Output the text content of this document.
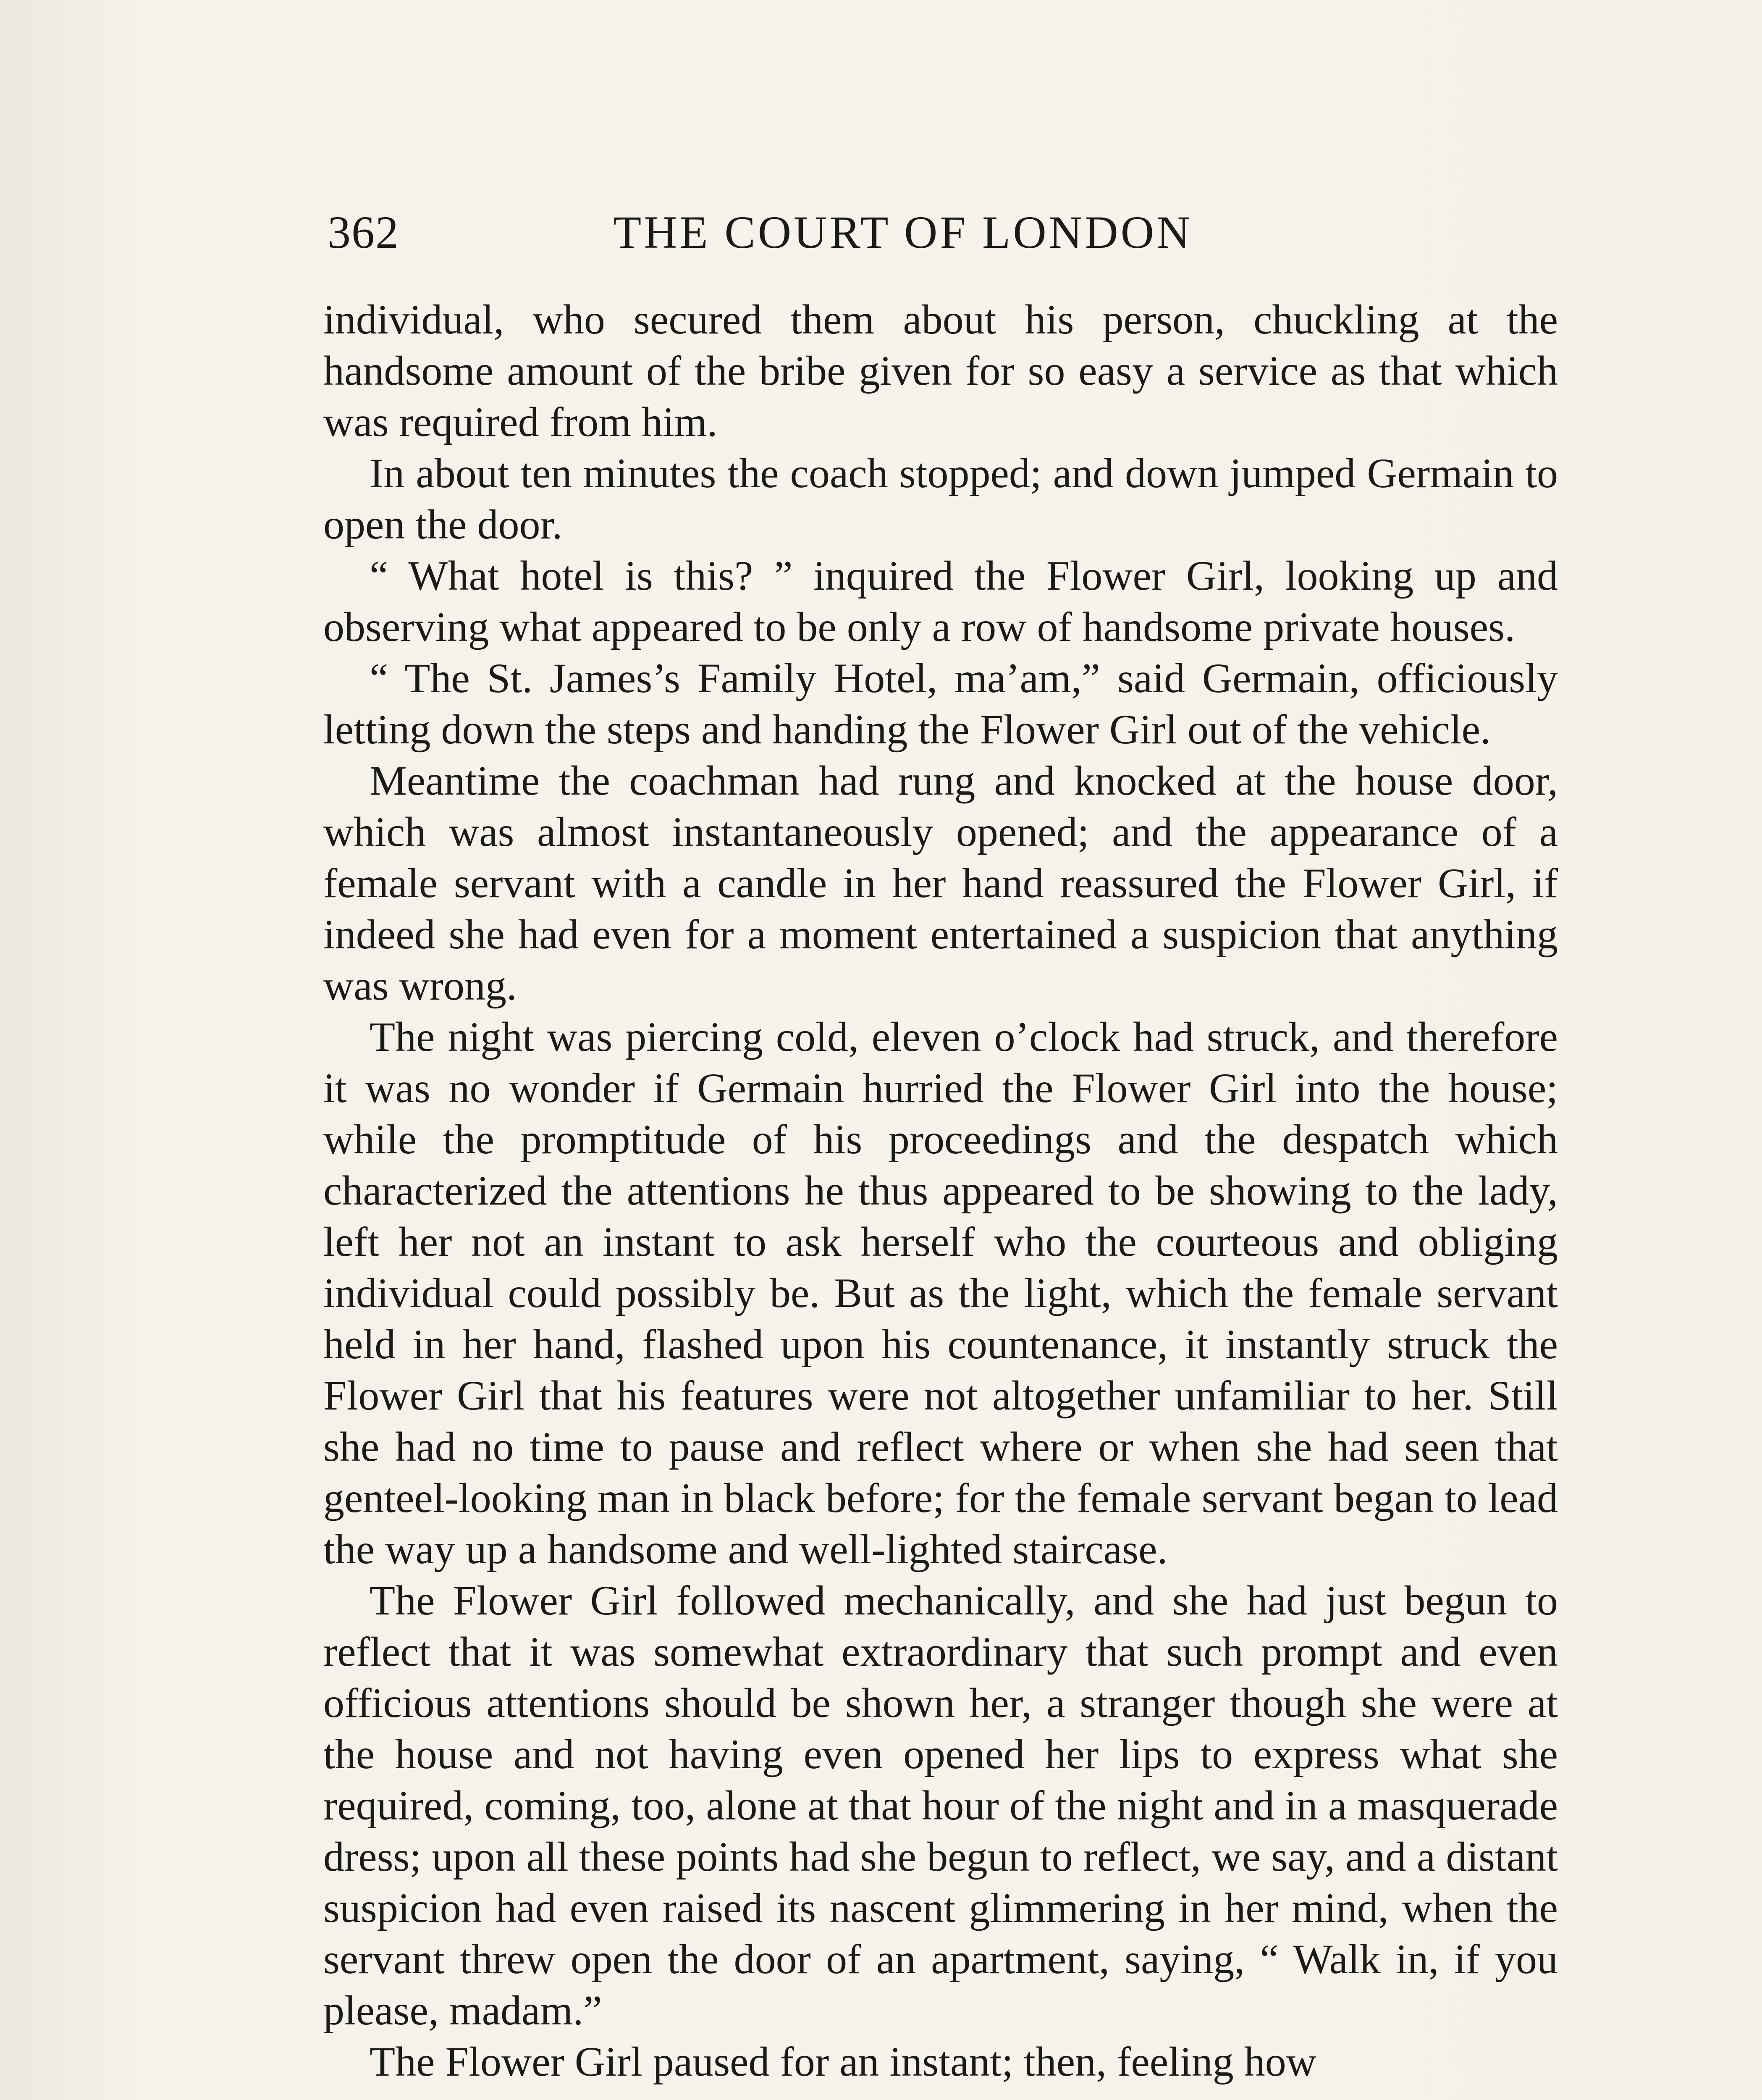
362	THE COURT OF LONDON

individual, who secured them about his person, chuckling at the handsome amount of the bribe given for so easy a service as that which was required from him.

In about ten minutes the coach stopped; and down jumped Germain to open the door.

“ What hotel is this? ” inquired the Flower Girl, looking up and observing what appeared to be only a row of handsome private houses.

“ The St. James’s Family Hotel, ma’am,” said Germain, officiously letting down the steps and handing the Flower Girl out of the vehicle.

Meantime the coachman had rung and knocked at the house door, which was almost instantaneously opened; and the appearance of a female servant with a candle in her hand reassured the Flower Girl, if indeed she had even for a moment entertained a suspicion that anything was wrong.

The night was piercing cold, eleven o’clock had struck, and therefore it was no wonder if Germain hurried the Flower Girl into the house; while the promptitude of his proceedings and the despatch which characterized the attentions he thus appeared to be showing to the lady, left her not an instant to ask herself who the courteous and obliging individual could possibly be. But as the light, which the female servant held in her hand, flashed upon his countenance, it instantly struck the Flower Girl that his features were not altogether unfamiliar to her. Still she had no time to pause and reflect where or when she had seen that genteel-looking man in black before; for the female servant began to lead the way up a handsome and well-lighted staircase.

The Flower Girl followed mechanically, and she had just begun to reflect that it was somewhat extraordinary that such prompt and even officious attentions should be shown her, a stranger though she were at the house and not having even opened her lips to express what she required, coming, too, alone at that hour of the night and in a masquerade dress; upon all these points had she begun to reflect, we say, and a distant suspicion had even raised its nascent glimmering in her mind, when the servant threw open the door of an apartment, saying, “ Walk in, if you please, madam.”

The Flower Girl paused for an instant; then, feeling how
